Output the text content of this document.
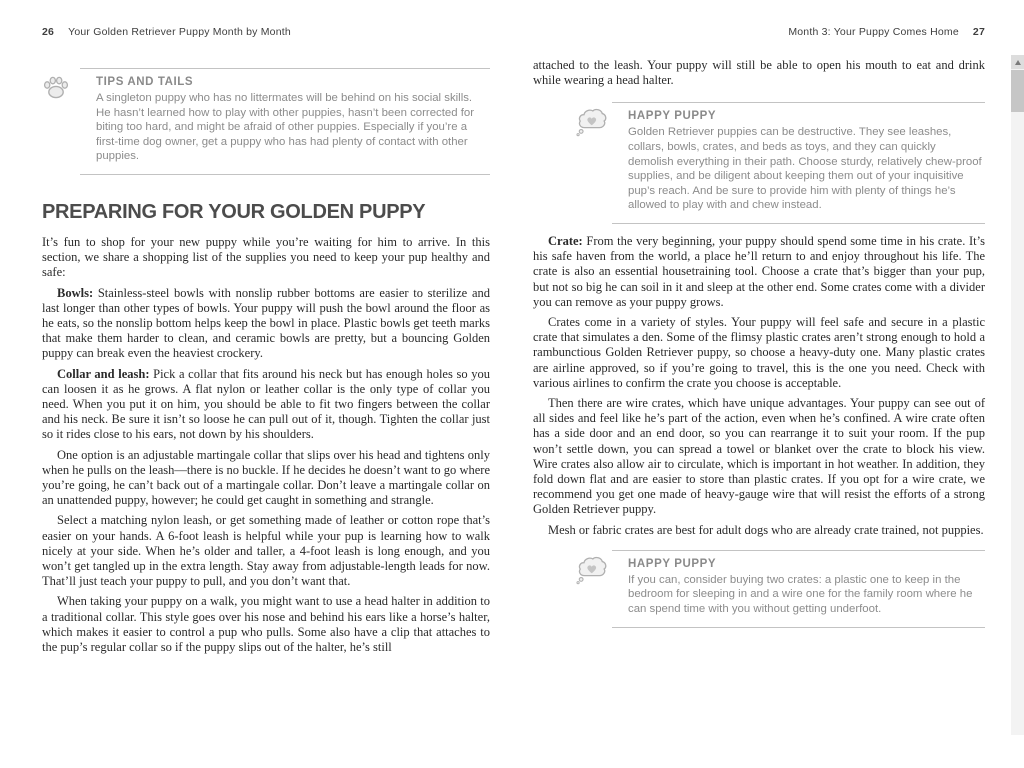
26 Your Golden Retriever Puppy Month by Month
TIPS AND TAILS
A singleton puppy who has no littermates will be behind on his social skills. He hasn’t learned how to play with other puppies, hasn’t been corrected for biting too hard, and might be afraid of other puppies. Especially if you’re a first-time dog owner, get a puppy who has had plenty of contact with other puppies.
PREPARING FOR YOUR GOLDEN PUPPY

It’s fun to shop for your new puppy while you’re waiting for him to arrive. In this section, we share a shopping list of the supplies you need to keep your pup healthy and safe:

Bowls: Stainless-steel bowls with nonslip rubber bottoms are easier to sterilize and last longer than other types of bowls. Your puppy will push the bowl around the floor as he eats, so the nonslip bottom helps keep the bowl in place. Plastic bowls get teeth marks that make them harder to clean, and ceramic bowls are pretty, but a bouncing Golden puppy can break even the heaviest crockery.

Collar and leash: Pick a collar that fits around his neck but has enough holes so you can loosen it as he grows. A flat nylon or leather collar is the only type of collar you need. When you put it on him, you should be able to fit two fingers between the collar and his neck. Be sure it isn’t so loose he can pull out of it, though. Tighten the collar just so it rides close to his ears, not down by his shoulders.

One option is an adjustable martingale collar that slips over his head and tightens only when he pulls on the leash—there is no buckle. If he decides he doesn’t want to go where you’re going, he can’t back out of a martingale collar. Don’t leave a martingale collar on an unattended puppy, however; he could get caught in something and strangle.

Select a matching nylon leash, or get something made of leather or cotton rope that’s easier on your hands. A 6-foot leash is helpful while your pup is learning how to walk nicely at your side. When he’s older and taller, a 4-foot leash is long enough, and you won’t get tangled up in the extra length. Stay away from adjustable-length leads for now. That’ll just teach your puppy to pull, and you don’t want that.

When taking your puppy on a walk, you might want to use a head halter in addition to a traditional collar. This style goes over his nose and behind his ears like a horse’s halter, which makes it easier to control a pup who pulls. Some also have a clip that attaches to the pup’s regular collar so if the puppy slips out of the halter, he’s still

Month 3: Your Puppy Comes Home 27

attached to the leash. Your puppy will still be able to open his mouth to eat and drink while wearing a head halter.

HAPPY PUPPY
Golden Retriever puppies can be destructive. They see leashes, collars, bowls, crates, and beds as toys, and they can quickly demolish everything in their path. Choose sturdy, relatively chew-proof supplies, and be diligent about keeping them out of your inquisitive pup’s reach. And be sure to provide him with plenty of things he’s allowed to play with and chew instead.

Crate: From the very beginning, your puppy should spend some time in his crate. It’s his safe haven from the world, a place he’ll return to and enjoy throughout his life. The crate is also an essential housetraining tool. Choose a crate that’s bigger than your pup, but not so big he can soil in it and sleep at the other end. Some crates come with a divider you can remove as your puppy grows.

Crates come in a variety of styles. Your puppy will feel safe and secure in a plastic crate that simulates a den. Some of the flimsy plastic crates aren’t strong enough to hold a rambunctious Golden Retriever puppy, so choose a heavy-duty one. Many plastic crates are airline approved, so if you’re going to travel, this is the one you need. Check with various airlines to confirm the crate you choose is acceptable.

Then there are wire crates, which have unique advantages. Your puppy can see out of all sides and feel like he’s part of the action, even when he’s confined. A wire crate often has a side door and an end door, so you can rearrange it to suit your room. If the pup won’t settle down, you can spread a towel or blanket over the crate to block his view. Wire crates also allow air to circulate, which is important in hot weather. In addition, they fold down flat and are easier to store than plastic crates. If you opt for a wire crate, we recommend you get one made of heavy-gauge wire that will resist the efforts of a strong Golden Retriever puppy.

Mesh or fabric crates are best for adult dogs who are already crate trained, not puppies.

HAPPY PUPPY
If you can, consider buying two crates: a plastic one to keep in the bedroom for sleeping in and a wire one for the family room where he can spend time with you without getting underfoot.
